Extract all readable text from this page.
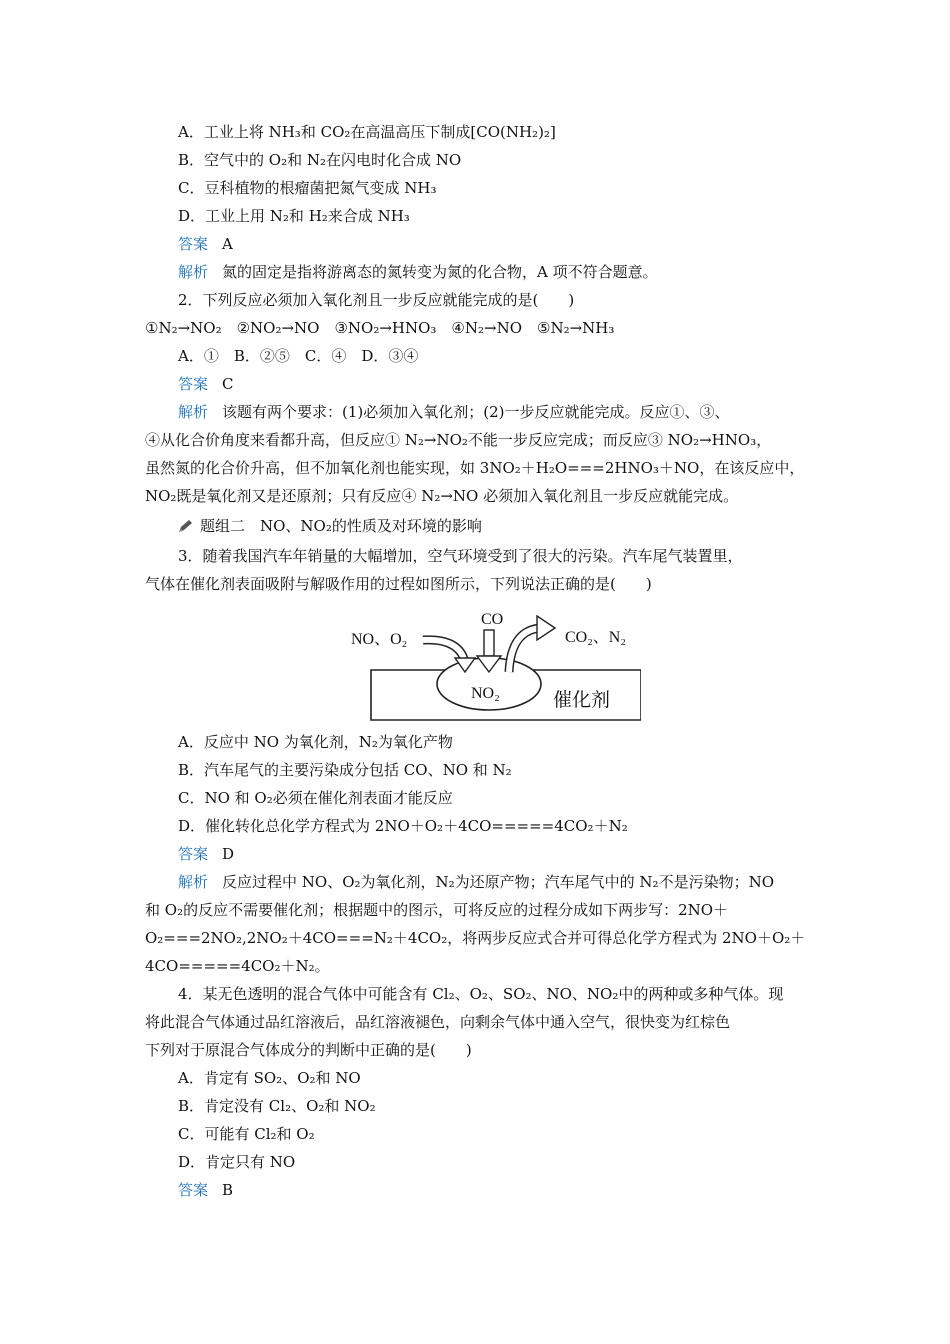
A．工业上将 NH₃和 CO₂在高温高压下制成[CO(NH₂)₂]
B．空气中的 O₂和 N₂在闪电时化合成 NO
C．豆科植物的根瘤菌把氮气变成 NH₃
D．工业上用 N₂和 H₂来合成 NH₃
答案 A
解析 氮的固定是指将游离态的氮转变为氮的化合物，A 项不符合题意。
2．下列反应必须加入氧化剂且一步反应就能完成的是(　　)
①N₂→NO₂　②NO₂→NO　③NO₂→HNO₃　④N₂→NO　⑤N₂→NH₃
A．①　B．②⑤　C．④　D．③④
答案 C
解析 该题有两个要求：(1)必须加入氧化剂；(2)一步反应就能完成。反应①、③、
④从化合价角度来看都升高，但反应① N₂→NO₂不能一步反应完成；而反应③ NO₂→HNO₃，
虽然氮的化合价升高，但不加氧化剂也能实现，如 3NO₂＋H₂O===2HNO₃＋NO，在该反应中，
NO₂既是氧化剂又是还原剂；只有反应④ N₂→NO 必须加入氧化剂且一步反应就能完成。
题组二　NO、NO₂的性质及对环境的影响
3．随着我国汽车年销量的大幅增加，空气环境受到了很大的污染。汽车尾气装置里，
气体在催化剂表面吸附与解吸作用的过程如图所示，下列说法正确的是(　　)
NO、O₂
CO
CO₂、N₂
NO₂	催化剂
A．反应中 NO 为氧化剂，N₂为氧化产物
B．汽车尾气的主要污染成分包括 CO、NO 和 N₂
C．NO 和 O₂必须在催化剂表面才能反应
D．催化转化总化学方程式为 2NO＋O₂＋4CO=====4CO₂＋N₂
答案 D
解析 反应过程中 NO、O₂为氧化剂，N₂为还原产物；汽车尾气中的 N₂不是污染物；NO
和 O₂的反应不需要催化剂；根据题中的图示，可将反应的过程分成如下两步写：2NO＋
O₂===2NO₂,2NO₂＋4CO===N₂＋4CO₂，将两步反应式合并可得总化学方程式为 2NO＋O₂＋
4CO=====4CO₂＋N₂。
4．某无色透明的混合气体中可能含有 Cl₂、O₂、SO₂、NO、NO₂中的两种或多种气体。现
将此混合气体通过品红溶液后，品红溶液褪色，向剩余气体中通入空气，很快变为红棕色
下列对于原混合气体成分的判断中正确的是(　　)
A．肯定有 SO₂、O₂和 NO
B．肯定没有 Cl₂、O₂和 NO₂
C．可能有 Cl₂和 O₂
D．肯定只有 NO
答案 B
